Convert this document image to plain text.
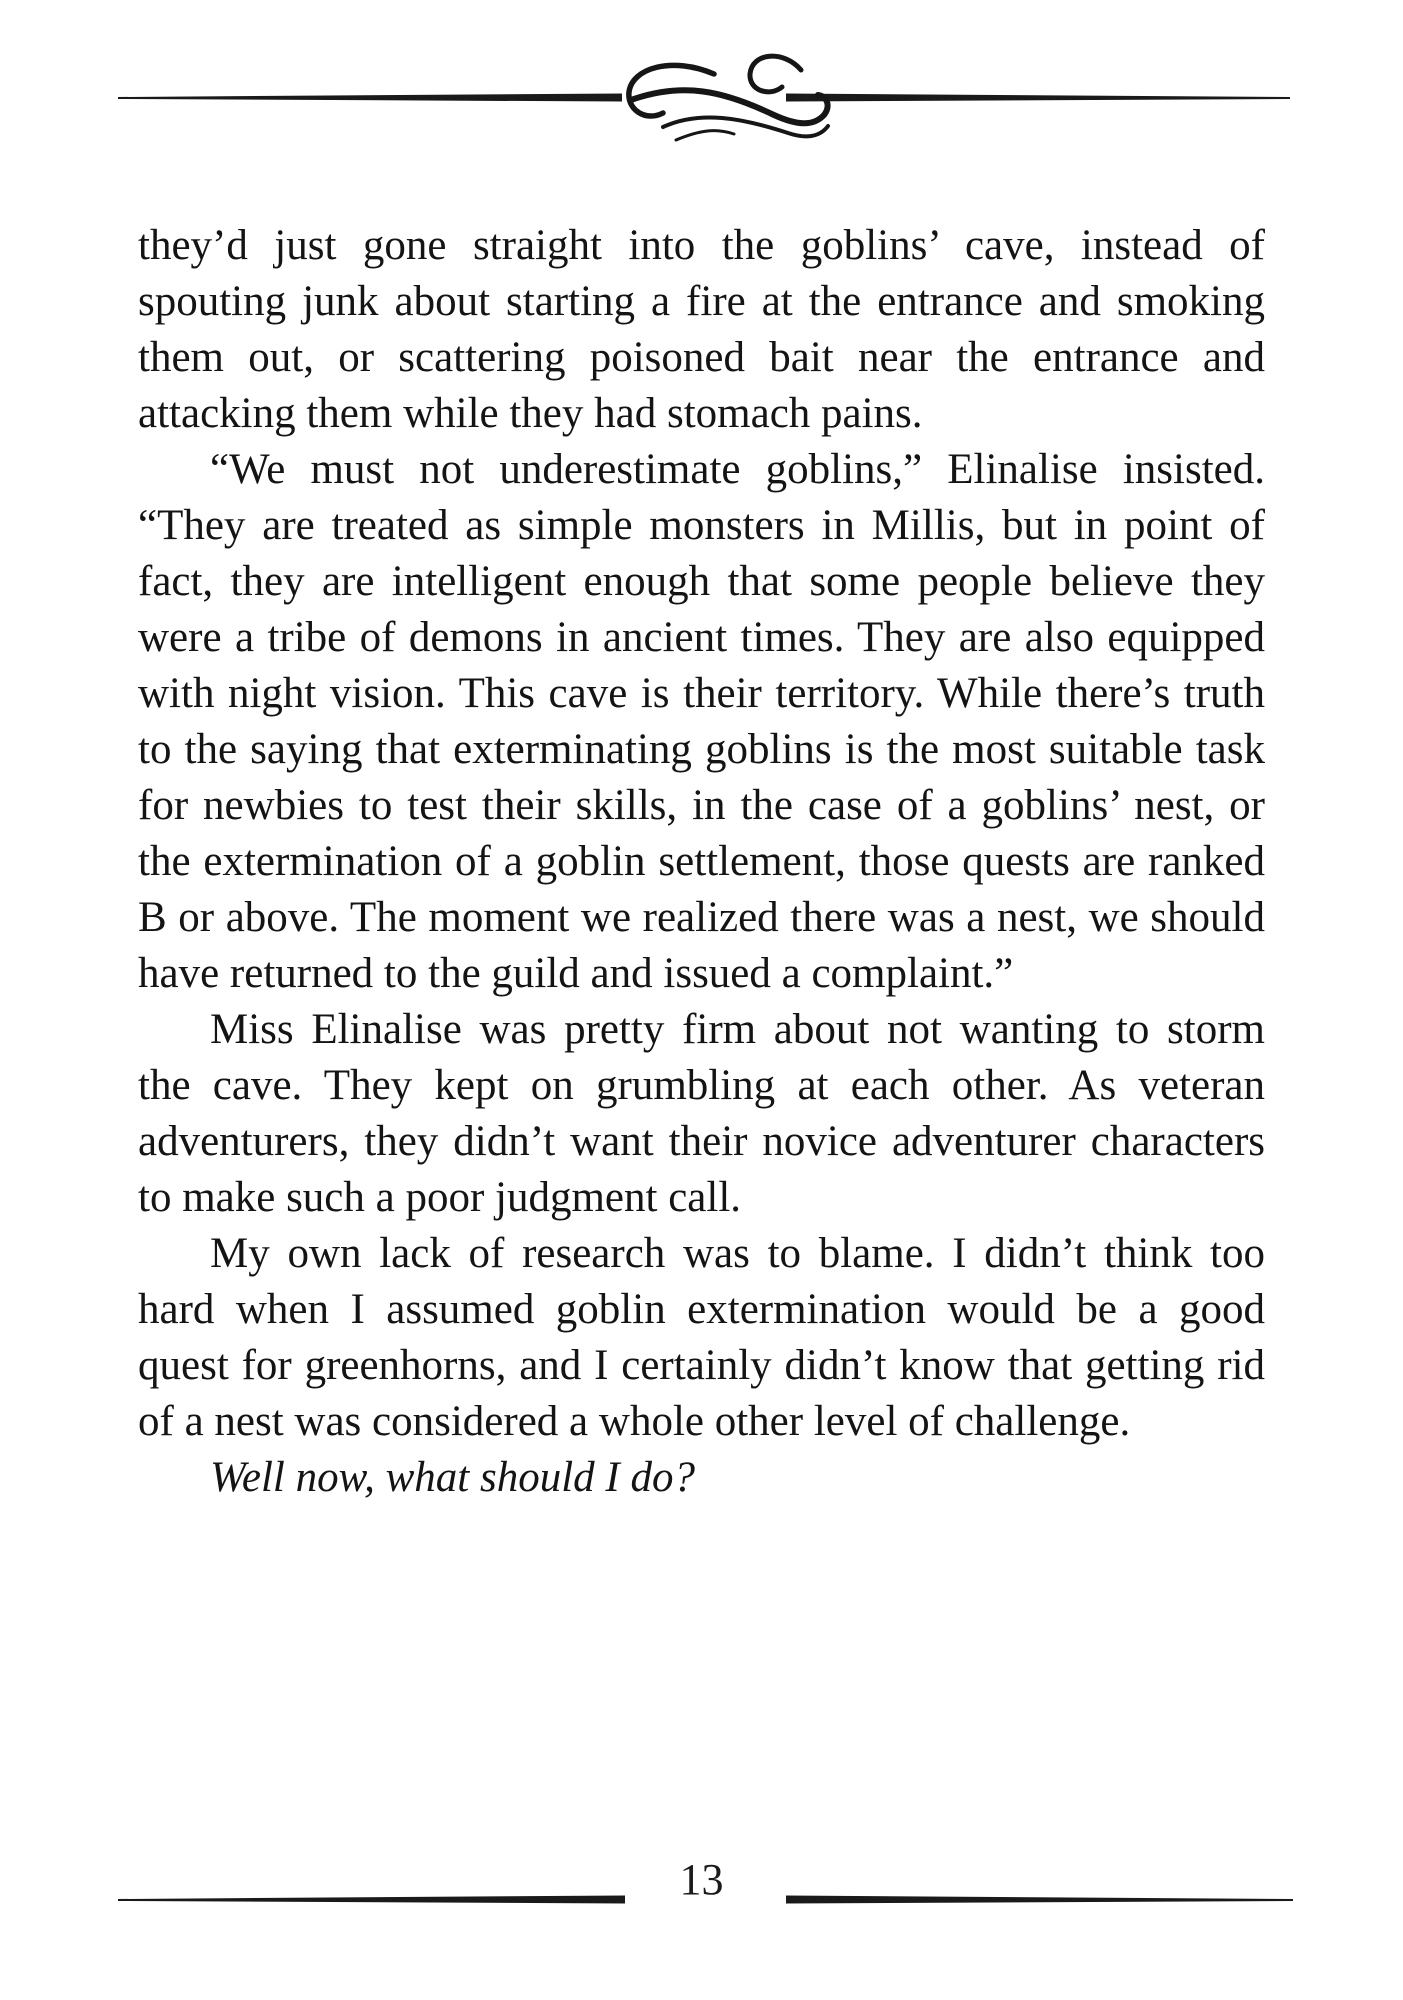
they’d just gone straight into the goblins’ cave, instead of spouting junk about starting a fire at the entrance and smoking them out, or scattering poisoned bait near the entrance and attacking them while they had stomach pains.

“We must not underestimate goblins,” Elinalise insisted. “They are treated as simple monsters in Millis, but in point of fact, they are intelligent enough that some people believe they were a tribe of demons in ancient times. They are also equipped with night vision. This cave is their territory. While there’s truth to the saying that exterminating goblins is the most suitable task for newbies to test their skills, in the case of a goblins’ nest, or the extermination of a goblin settlement, those quests are ranked B or above. The moment we realized there was a nest, we should have returned to the guild and issued a complaint.”

Miss Elinalise was pretty firm about not wanting to storm the cave. They kept on grumbling at each other. As veteran adventurers, they didn’t want their novice adventurer characters to make such a poor judgment call.

My own lack of research was to blame. I didn’t think too hard when I assumed goblin extermination would be a good quest for greenhorns, and I certainly didn’t know that getting rid of a nest was considered a whole other level of challenge.

Well now, what should I do?

13
